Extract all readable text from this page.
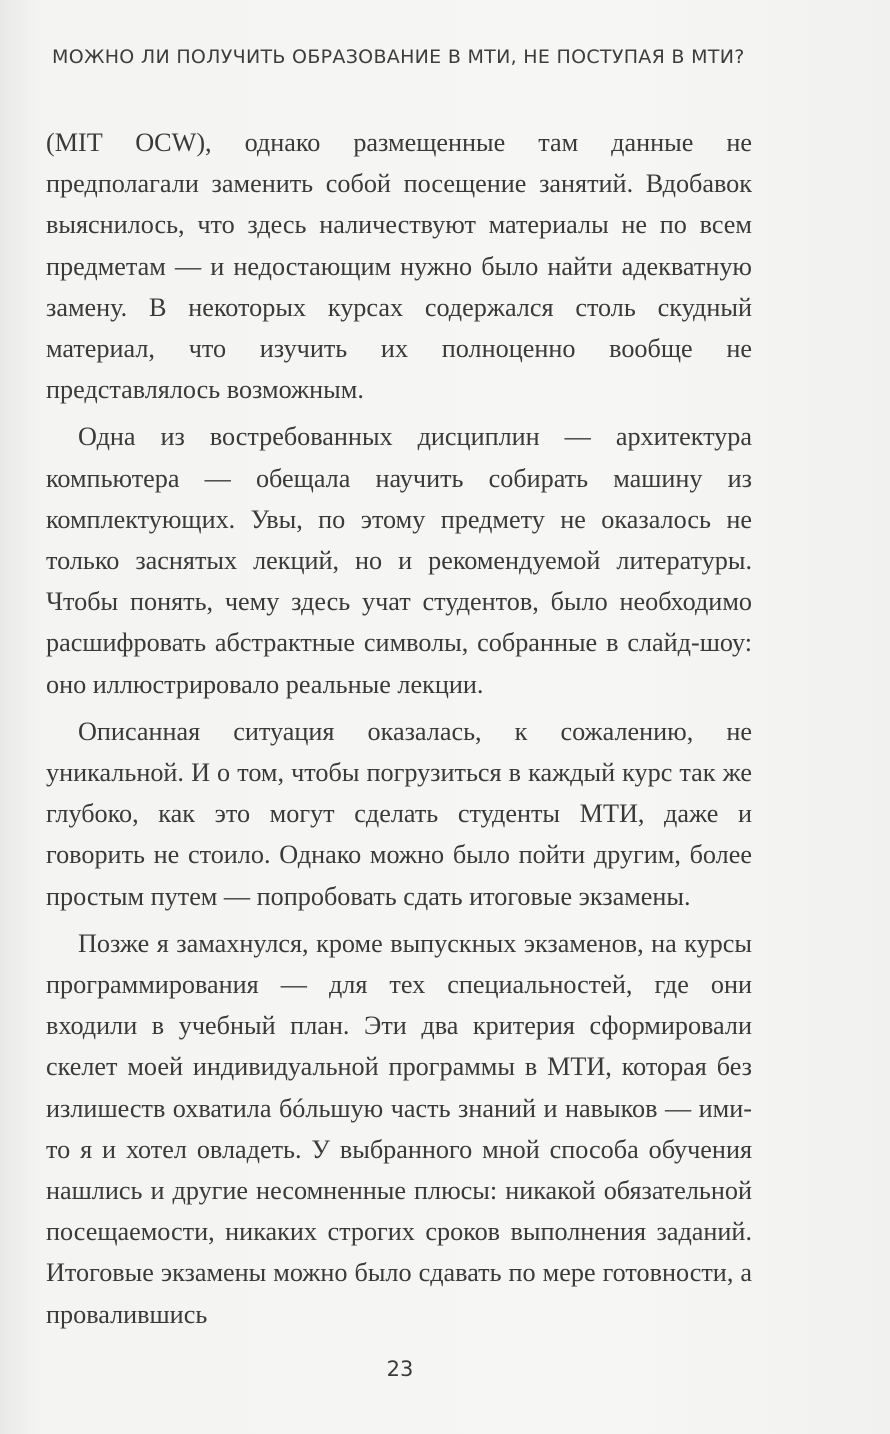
МОЖНО ЛИ ПОЛУЧИТЬ ОБРАЗОВАНИЕ В МТИ, НЕ ПОСТУПАЯ В МТИ?

(MIT OCW), однако размещенные там данные не предполагали заменить собой посещение занятий. Вдобавок выяснилось, что здесь наличествуют материалы не по всем предметам — и недостающим нужно было найти адекватную замену. В некоторых курсах содержался столь скудный материал, что изучить их полноценно вообще не представлялось возможным.

Одна из востребованных дисциплин — архитектура компьютера — обещала научить собирать машину из комплектующих. Увы, по этому предмету не оказалось не только заснятых лекций, но и рекомендуемой литературы. Чтобы понять, чему здесь учат студентов, было необходимо расшифровать абстрактные символы, собранные в слайд-шоу: оно иллюстрировало реальные лекции.

Описанная ситуация оказалась, к сожалению, не уникальной. И о том, чтобы погрузиться в каждый курс так же глубоко, как это могут сделать студенты МТИ, даже и говорить не стоило. Однако можно было пойти другим, более простым путем — попробовать сдать итоговые экзамены.

Позже я замахнулся, кроме выпускных экзаменов, на курсы программирования — для тех специальностей, где они входили в учебный план. Эти два критерия сформировали скелет моей индивидуальной программы в МТИ, которая без излишеств охватила бóльшую часть знаний и навыков — ими-то я и хотел овладеть. У выбранного мной способа обучения нашлись и другие несомненные плюсы: никакой обязательной посещаемости, никаких строгих сроков выполнения заданий. Итоговые экзамены можно было сдавать по мере готовности, а провалившись

23
